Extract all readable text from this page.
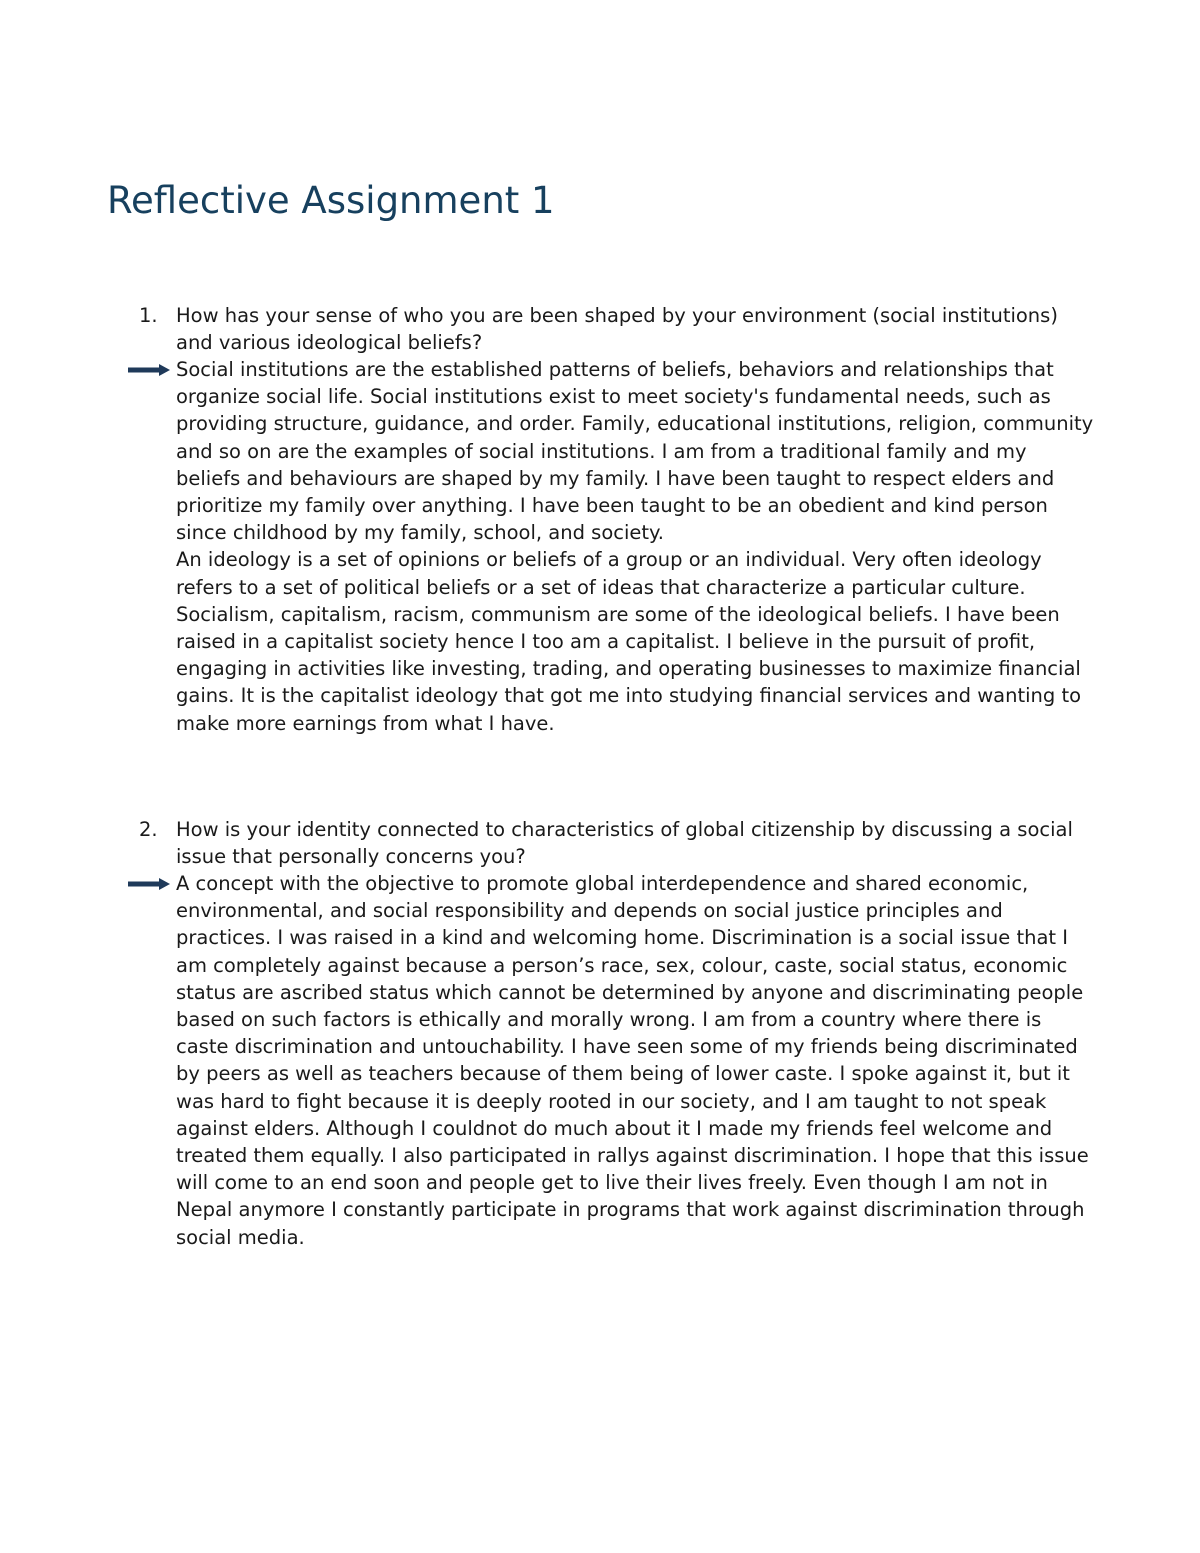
Reflective Assignment 1
1. How has your sense of who you are been shaped by your environment (social institutions) and various ideological beliefs?

Social institutions are the established patterns of beliefs, behaviors and relationships that organize social life. Social institutions exist to meet society's fundamental needs, such as providing structure, guidance, and order. Family, educational institutions, religion, community and so on are the examples of social institutions. I am from a traditional family and my beliefs and behaviours are shaped by my family. I have been taught to respect elders and prioritize my family over anything. I have been taught to be an obedient and kind person since childhood by my family, school, and society.

An ideology is a set of opinions or beliefs of a group or an individual. Very often ideology refers to a set of political beliefs or a set of ideas that characterize a particular culture. Socialism, capitalism, racism, communism are some of the ideological beliefs. I have been raised in a capitalist society hence I too am a capitalist. I believe in the pursuit of profit, engaging in activities like investing, trading, and operating businesses to maximize financial gains. It is the capitalist ideology that got me into studying financial services and wanting to make more earnings from what I have.

2. How is your identity connected to characteristics of global citizenship by discussing a social issue that personally concerns you?

A concept with the objective to promote global interdependence and shared economic, environmental, and social responsibility and depends on social justice principles and practices. I was raised in a kind and welcoming home. Discrimination is a social issue that I am completely against because a person’s race, sex, colour, caste, social status, economic status are ascribed status which cannot be determined by anyone and discriminating people based on such factors is ethically and morally wrong. I am from a country where there is caste discrimination and untouchability. I have seen some of my friends being discriminated by peers as well as teachers because of them being of lower caste. I spoke against it, but it was hard to fight because it is deeply rooted in our society, and I am taught to not speak against elders. Although I couldnot do much about it I made my friends feel welcome and treated them equally. I also participated in rallys against discrimination. I hope that this issue will come to an end soon and people get to live their lives freely. Even though I am not in Nepal anymore I constantly participate in programs that work against discrimination through social media.
